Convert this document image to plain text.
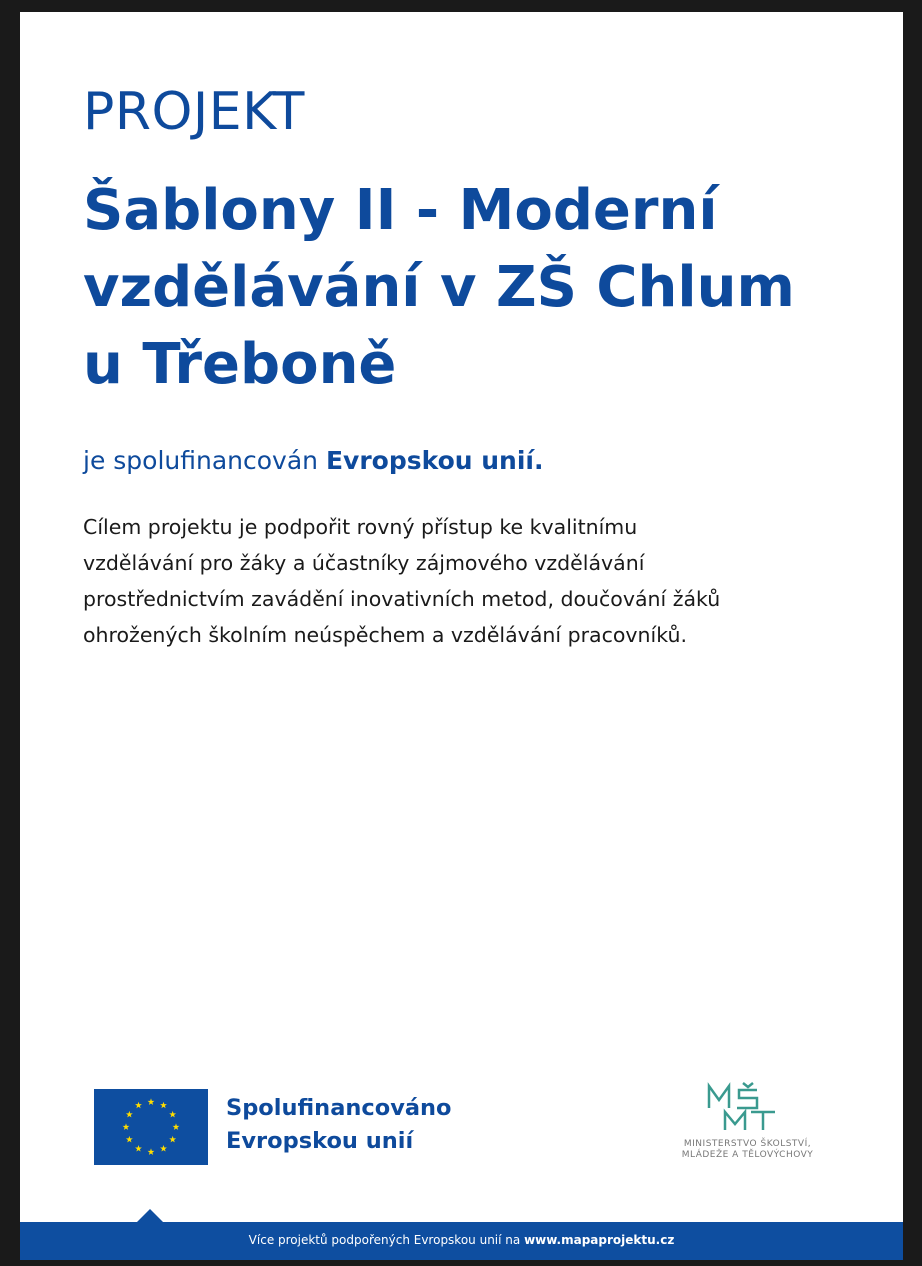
PROJEKT
Šablony II - Moderní
vzdělávání v ZŠ Chlum
u Třeboně
je spolufinancován Evropskou unií.
Cílem projektu je podpořit rovný přístup ke kvalitnímu
vzdělávání pro žáky a účastníky zájmového vzdělávání
prostřednictvím zavádění inovativních metod, doučování žáků
ohrožených školním neúspěchem a vzdělávání pracovníků.
Spolufinancováno
Evropskou unií	MINISTERSTVO ŠKOLSTVÍ,
MLÁDEŽE A TĚLOVÝCHOVY
Více projektů podpořených Evropskou unií na www.mapaprojektu.cz
